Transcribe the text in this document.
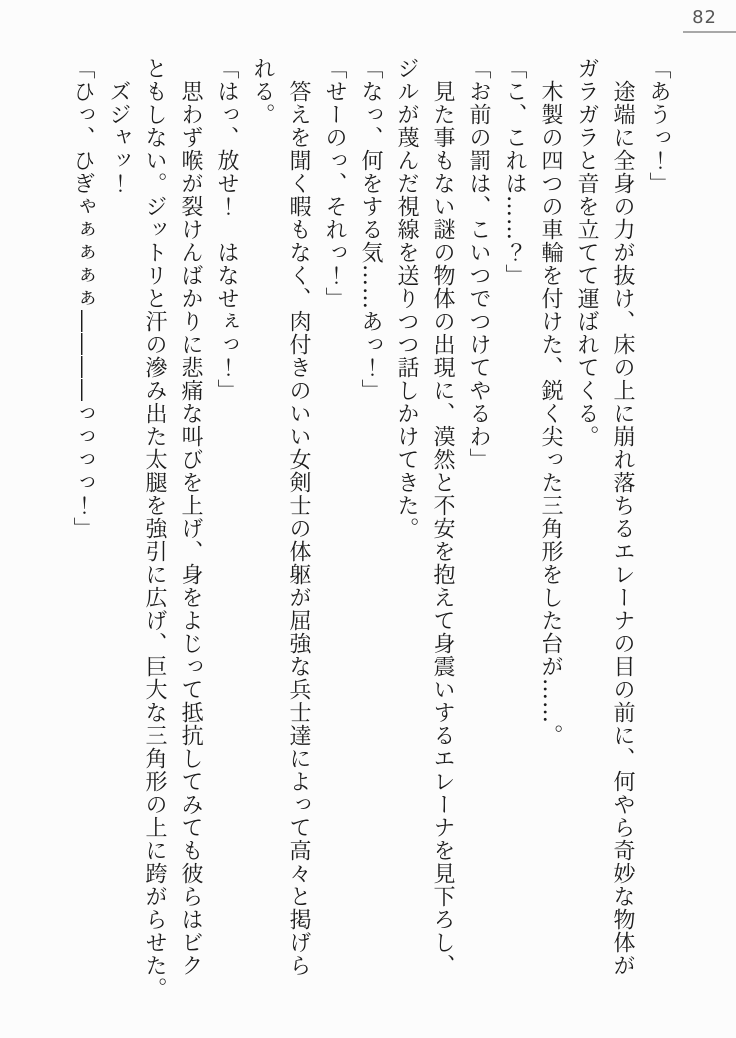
82

「あうっ！」

途端に全身の力が抜け、床の上に崩れ落ちるエレーナの目の前に、何やら奇妙な物体が

ガラガラと音を立てて運ばれてくる。

木製の四つの車輪を付けた、鋭く尖った三角形をした台が……。

「こ、これは……？」

「お前の罰は、こいつでつけてやるわ」

見た事もない謎の物体の出現に、漠然と不安を抱えて身震いするエレーナを見下ろし、

ジルが蔑んだ視線を送りつつ話しかけてきた。

「なっ、何をする気……あっ！」

「せーのっ、それっ！」

答えを聞く暇もなく、肉付きのいい女剣士の体躯が屈強な兵士達によって高々と掲げら

れる。

「はっ、放せ！　はなせぇっ！」

思わず喉が裂けんばかりに悲痛な叫びを上げ、身をよじって抵抗してみても彼らはビク

ともしない。ジットリと汗の滲み出た太腿を強引に広げ、巨大な三角形の上に跨がらせた。

ズジャッ！

「ひっ、ひぎゃぁぁぁぁ――――っっっっ！」
